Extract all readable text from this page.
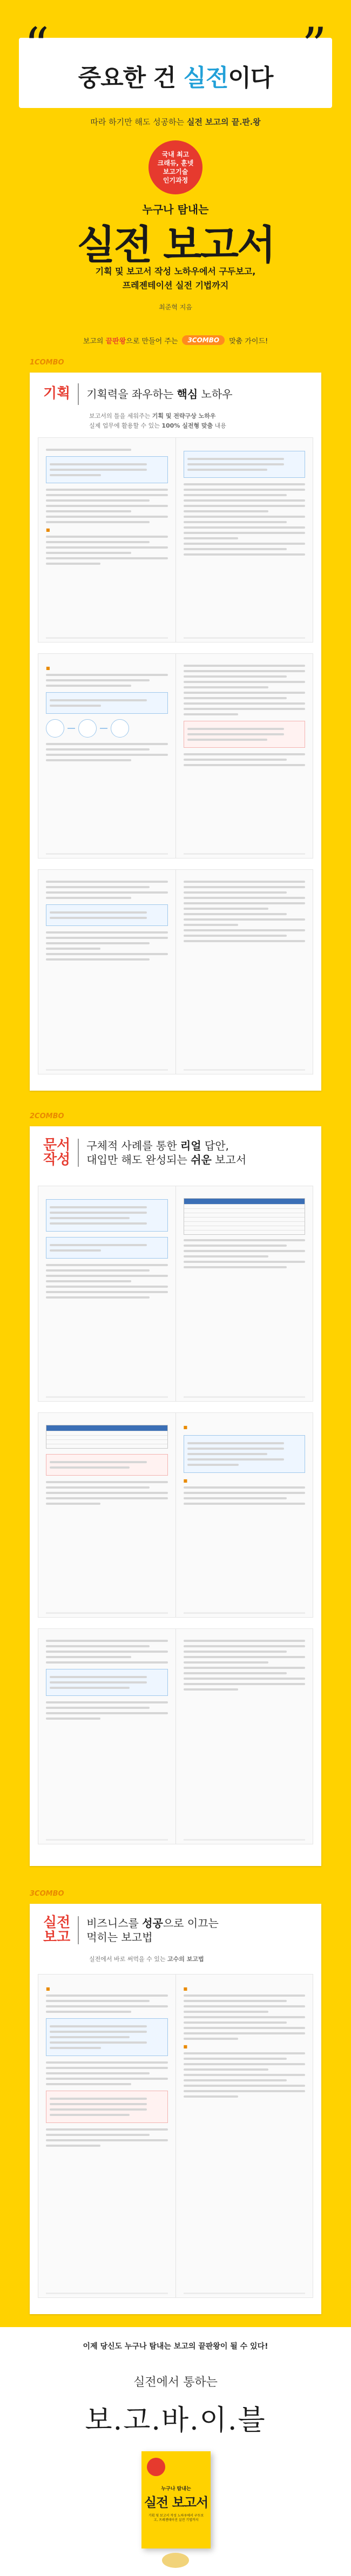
“	”
중요한 건 실전이다
따라 하기만 해도 성공하는 실전 보고의 끝.판.왕
국내 최고
크래듀, 훈넷
보고기술
인기과정
누구나 탐내는
실전 보고서
기획 및 보고서 작성 노하우에서 구두보고,
프레젠테이션 실전 기법까지
최준혁 지음
보고의 끝판왕으로 만들어 주는	3COMBO	맞춤 가이드!
1COMBO
기획 기획력을 좌우하는 핵심 노하우
보고서의 틀을 세워주는 기획 및 전략구상 노하우
실제 업무에 활용할 수 있는 100% 실전형 맞춤 내용
■
■
2COMBO
문서
작성
구체적 사례를 통한 리얼 답안,
대입만 해도 완성되는 쉬운 보고서
■
■
3COMBO
실전
보고
비즈니스를 성공으로 이끄는
먹히는 보고법
실전에서 바로 써먹을 수 있는 고수의 보고법
■	■
■
이제 당신도 누구나 탐내는 보고의 끝판왕이 될 수 있다!
실전에서 통하는
보.고.바.이.블
누구나 탐내는
실전 보고서
기획 및 보고서 작성 노하우에서 구두보고, 프레젠테이션 실전 기법까지
